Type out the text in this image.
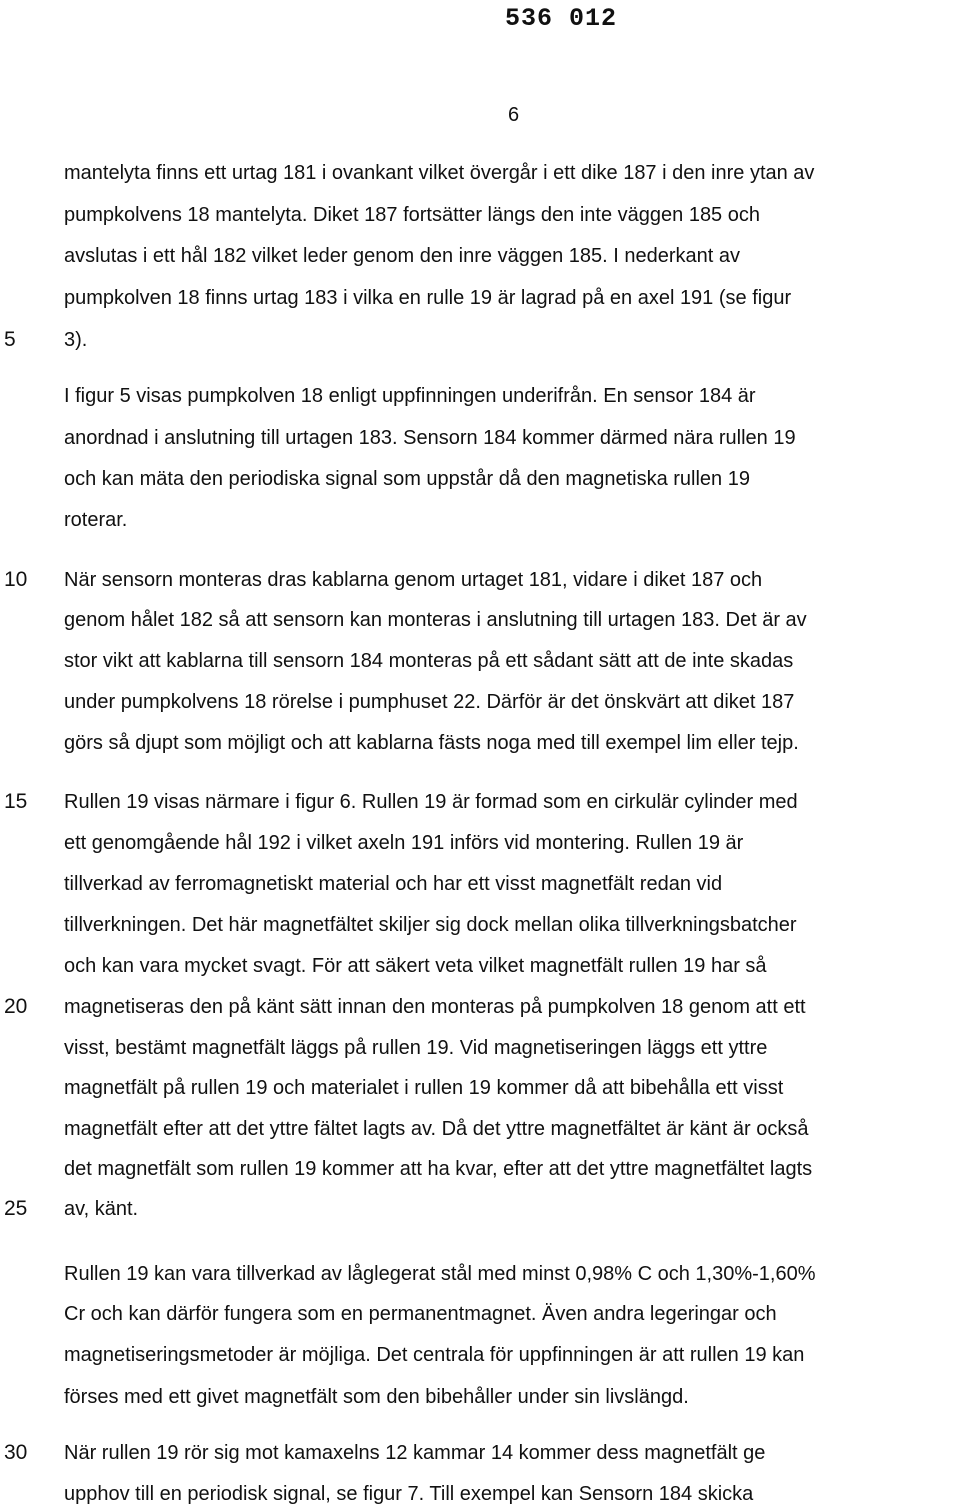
536 012
6
5
10
15
20
25
30
mantelyta finns ett urtag 181 i ovankant vilket övergår i ett dike 187 i den inre ytan av
pumpkolvens 18 mantelyta. Diket 187 fortsätter längs den inte väggen 185 och
avslutas i ett hål 182 vilket leder genom den inre väggen 185. I nederkant av
pumpkolven 18 finns urtag 183 i vilka en rulle 19 är lagrad på en axel 191 (se figur
3).
I figur 5 visas pumpkolven 18 enligt uppfinningen underifrån. En sensor 184 är
anordnad i anslutning till urtagen 183. Sensorn 184 kommer därmed nära rullen 19
och kan mäta den periodiska signal som uppstår då den magnetiska rullen 19
roterar.
När sensorn monteras dras kablarna genom urtaget 181, vidare i diket 187 och
genom hålet 182 så att sensorn kan monteras i anslutning till urtagen 183. Det är av
stor vikt att kablarna till sensorn 184 monteras på ett sådant sätt att de inte skadas
under pumpkolvens 18 rörelse i pumphuset 22. Därför är det önskvärt att diket 187
görs så djupt som möjligt och att kablarna fästs noga med till exempel lim eller tejp.
Rullen 19 visas närmare i figur 6. Rullen 19 är formad som en cirkulär cylinder med
ett genomgående hål 192 i vilket axeln 191 införs vid montering. Rullen 19 är
tillverkad av ferromagnetiskt material och har ett visst magnetfält redan vid
tillverkningen. Det här magnetfältet skiljer sig dock mellan olika tillverkningsbatcher
och kan vara mycket svagt. För att säkert veta vilket magnetfält rullen 19 har så
magnetiseras den på känt sätt innan den monteras på pumpkolven 18 genom att ett
visst, bestämt magnetfält läggs på rullen 19. Vid magnetiseringen läggs ett yttre
magnetfält på rullen 19 och materialet i rullen 19 kommer då att bibehålla ett visst
magnetfält efter att det yttre fältet lagts av. Då det yttre magnetfältet är känt är också
det magnetfält som rullen 19 kommer att ha kvar, efter att det yttre magnetfältet lagts
av, känt.
Rullen 19 kan vara tillverkad av låglegerat stål med minst 0,98% C och 1,30%-1,60%
Cr och kan därför fungera som en permanentmagnet. Även andra legeringar och
magnetiseringsmetoder är möjliga. Det centrala för uppfinningen är att rullen 19 kan
förses med ett givet magnetfält som den bibehåller under sin livslängd.
När rullen 19 rör sig mot kamaxelns 12 kammar 14 kommer dess magnetfält ge
upphov till en periodisk signal, se figur 7. Till exempel kan Sensorn 184 skicka
